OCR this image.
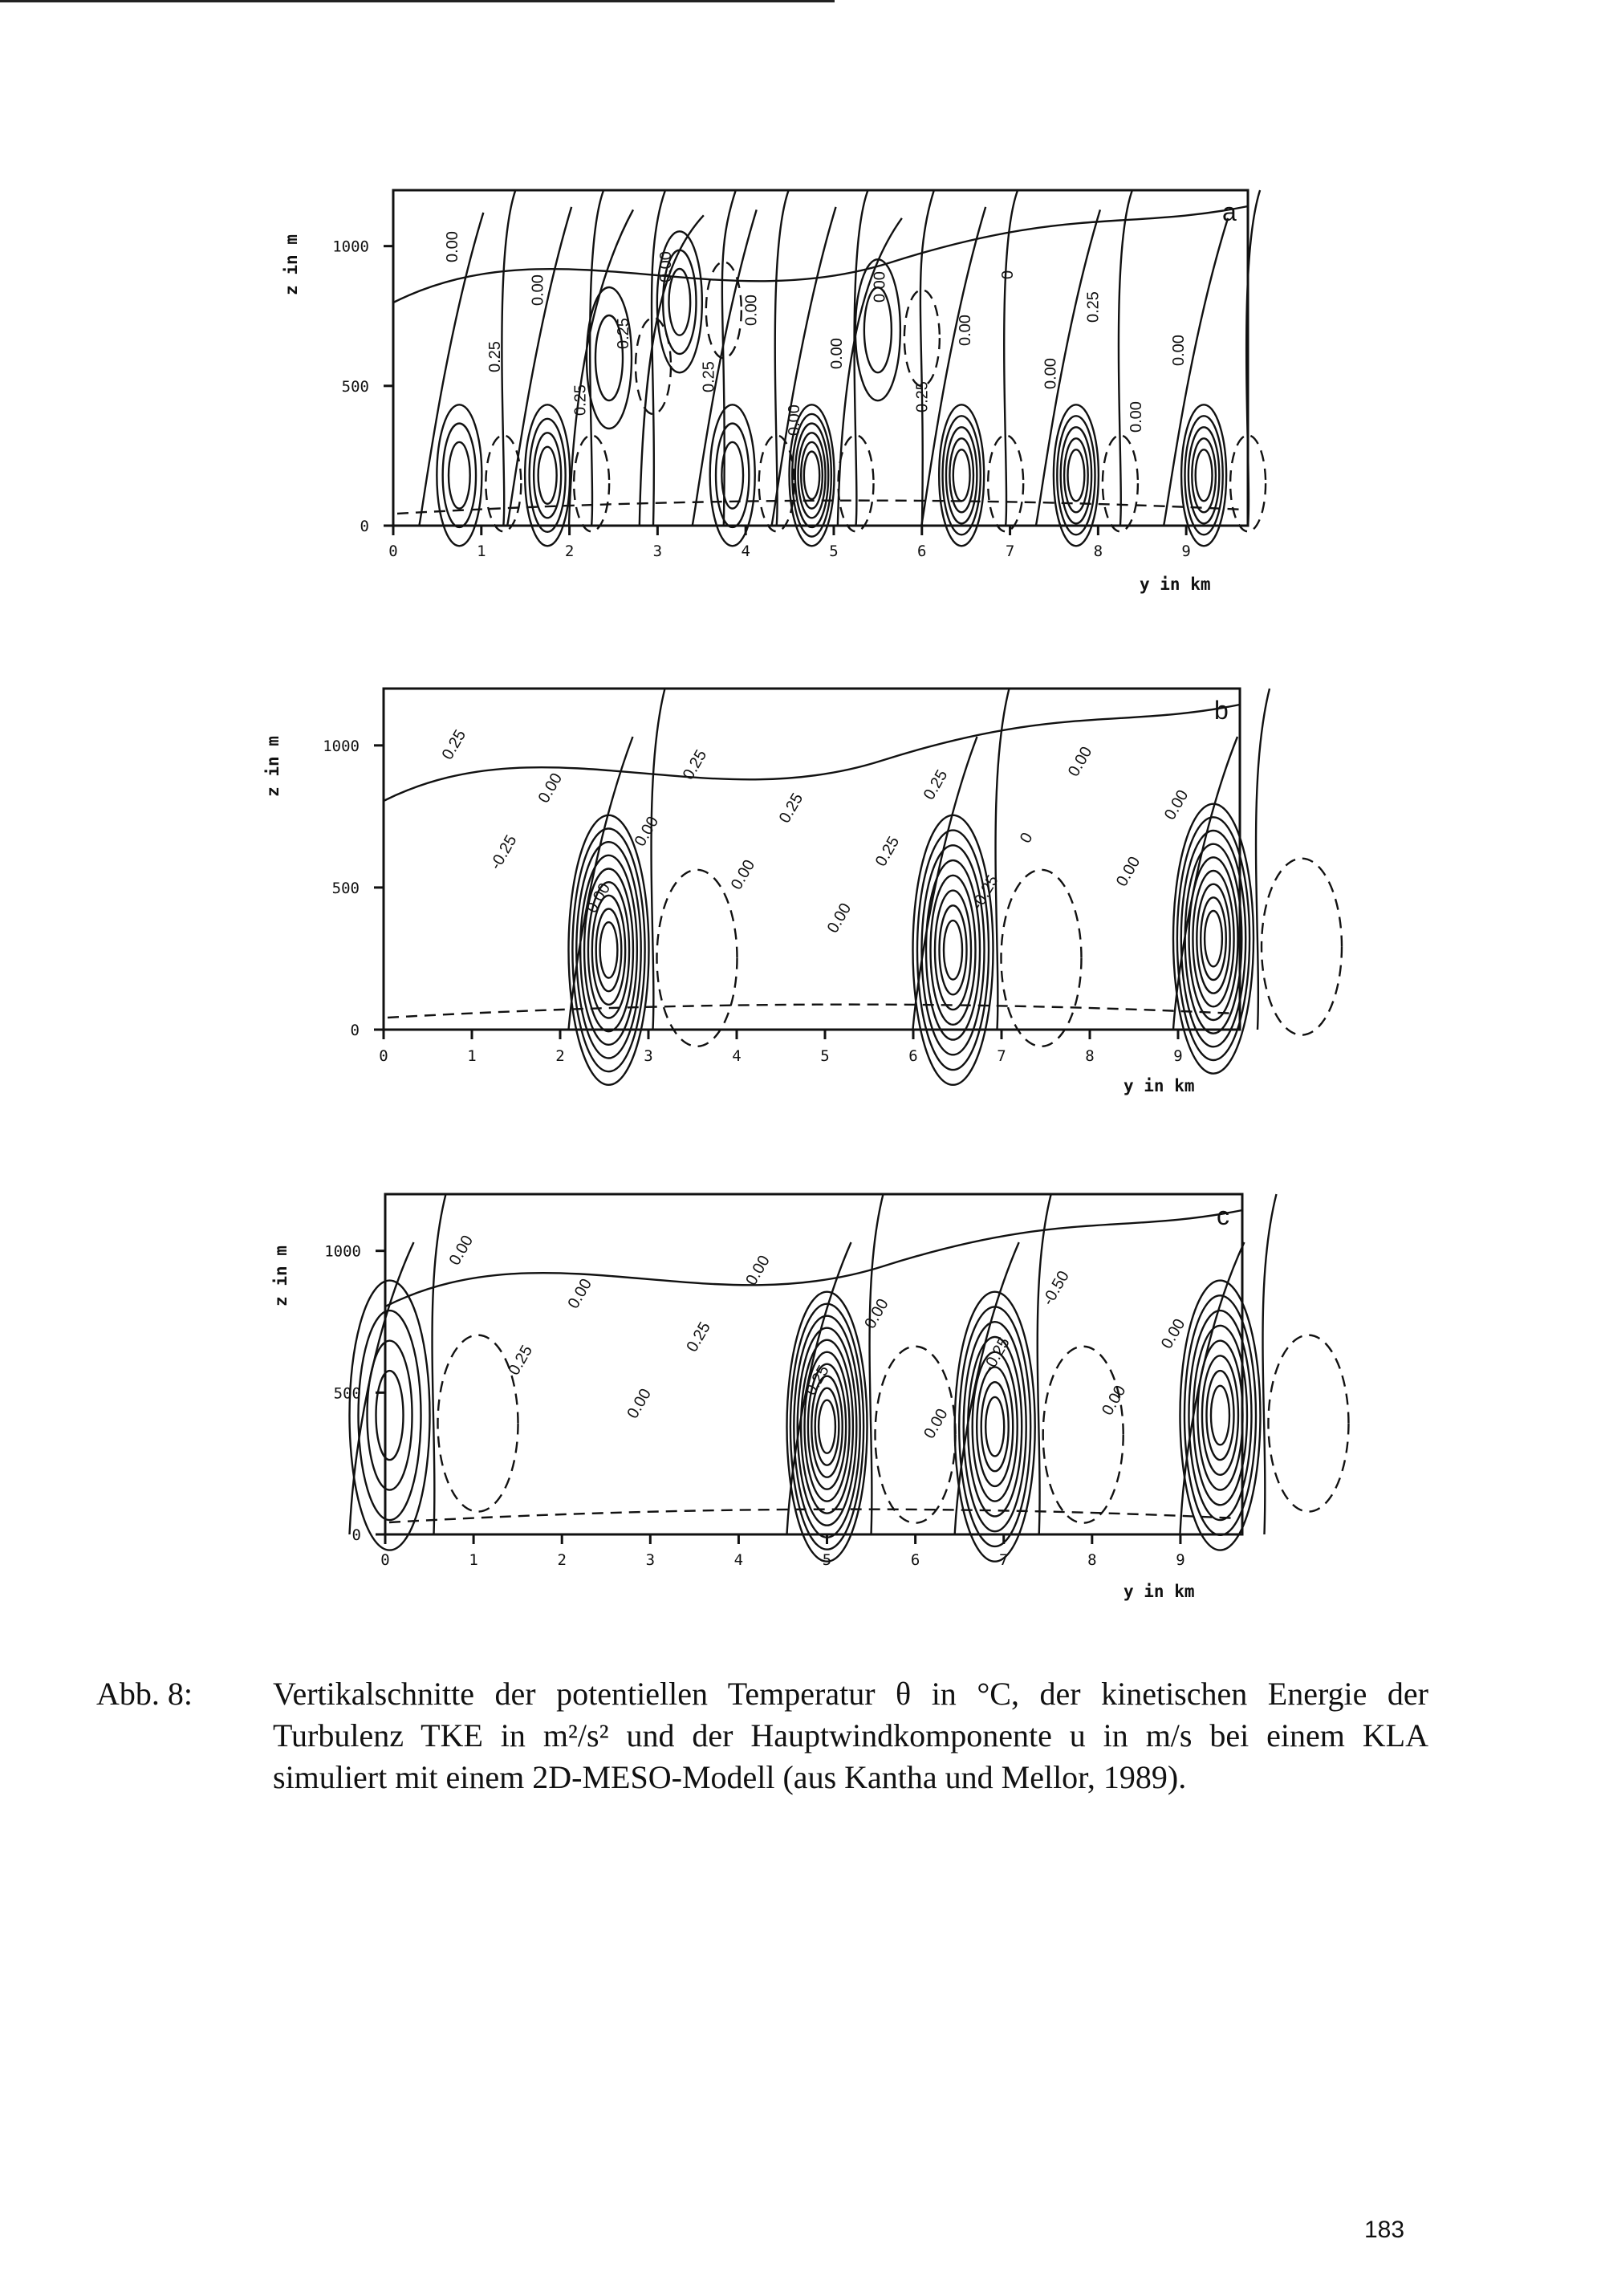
0	1	2	3	4	5	6	7	8	9
0
500
1000
z in m
y in km
a
0.00
0.25
0.00
0.25
0.25
0.00
0.25
0.00
0.00
0.00
0.00
0.25
0.00
0
0.00
0.25
0.00
0.00
0	1	2	3	4	5	6	7	8	9
0
500
1000
z in m
y in km
b
0.25
-0.25
0.00
0.00
0.00
0.25
0.00
0.25
0.00
0.25
0.25
-0.25
0
0.00
0.00
0.00
0	1	2	3	4	5	6	7	8	9
0
500
1000
z in m
y in km
c
0.00
0.25
0.00
0.00
0.25
0.00
0.25
0.00
0.00
-0.25
-0.50
0.00
0.00
Abb. 8:	Vertikalschnitte der potentiellen Temperatur θ in °C, der kinetischen Energie der Turbulenz TKE in m²/s² und der Hauptwindkomponente u in m/s bei einem KLA simuliert mit einem 2D-MESO-Modell (aus Kantha und Mellor, 1989).
183
